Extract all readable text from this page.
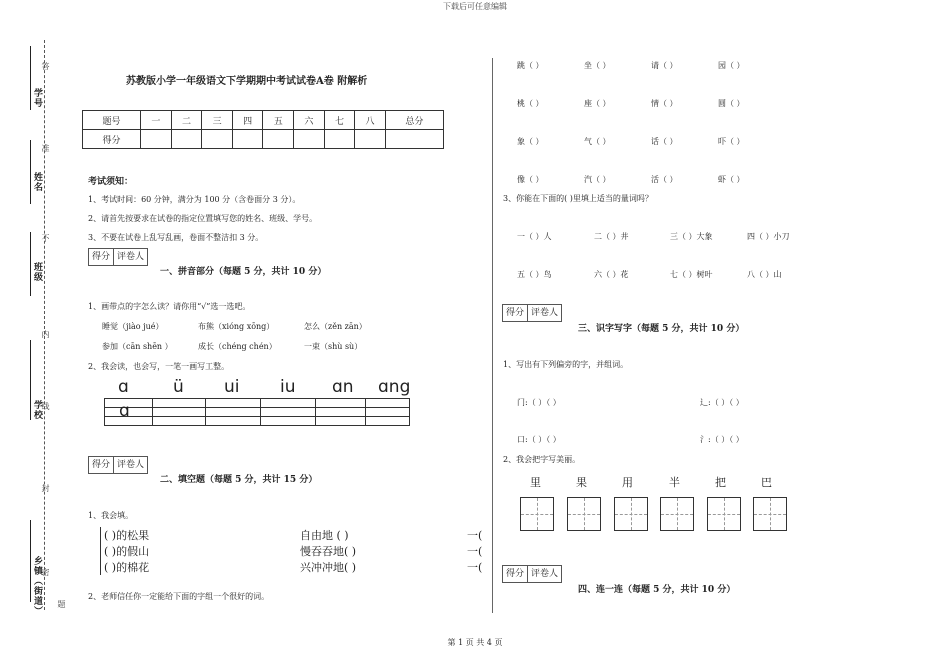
下载后可任意编辑
第 1 页 共 4 页
学号
姓名
班级
学校
乡镇（街道）
答
准
不
内
线
封
密
题
苏教版小学一年级语文下学期期中考试试卷A卷 附解析
题号	一	二	三	四	五	六	七	八	总分
得分									
考试须知：
1、考试时间：60 分钟，满分为 100 分（含卷面分 3 分）。
2、请首先按要求在试卷的指定位置填写您的姓名、班级、学号。
3、不要在试卷上乱写乱画，卷面不整洁扣 3 分。
得分 评卷人
一、拼音部分（每题 5 分，共计 10 分）
1、画带点的字怎么读？请你用“√”选一选吧。
睡觉（jiào jué）	布熊（xióng xōng）	怎么（zěn zān）
参加（cān shēn ）	成长（chéng chén）	一束（shù sù）
2、我会读，也会写，一笔一画写工整。
ɑ	ü ui iu ɑn ɑng
ɑ
得分 评卷人
二、填空题（每题 5 分，共计 15 分）
1、我会填。
( )的松果	自由地 ( )	一(
( )的假山	慢吞吞地( )	一(
( )的棉花	兴冲冲地( )	一(
2、老师信任你一定能给下面的字组一个很好的词。
跳（ ）	坐（ ）	请（ ）	园（ ）
桃（ ）	座（ ）	情（ ）	圆（ ）
象（ ）	气（ ）	话（ ）	吓（ ）
像（ ）	汽（ ）	活（ ）	虾（ ）
3、你能在下面的( )里填上适当的量词吗？
一（ ）人	二（ ）井	三（ ）大象	四（ ）小刀
五（ ）鸟	六（ ）花	七（ ）树叶	八（ ）山
得分 评卷人
三、识字写字（每题 5 分，共计 10 分）
1、写出有下列偏旁的字，并组词。
门:（ ）（ ）	辶:（ ）（ ）
口:（ ）（ ）	氵:（ ）（ ）
2、我会把字写美丽。
里	果	用	半	把	巴
得分 评卷人
四、连一连（每题 5 分，共计 10 分）
